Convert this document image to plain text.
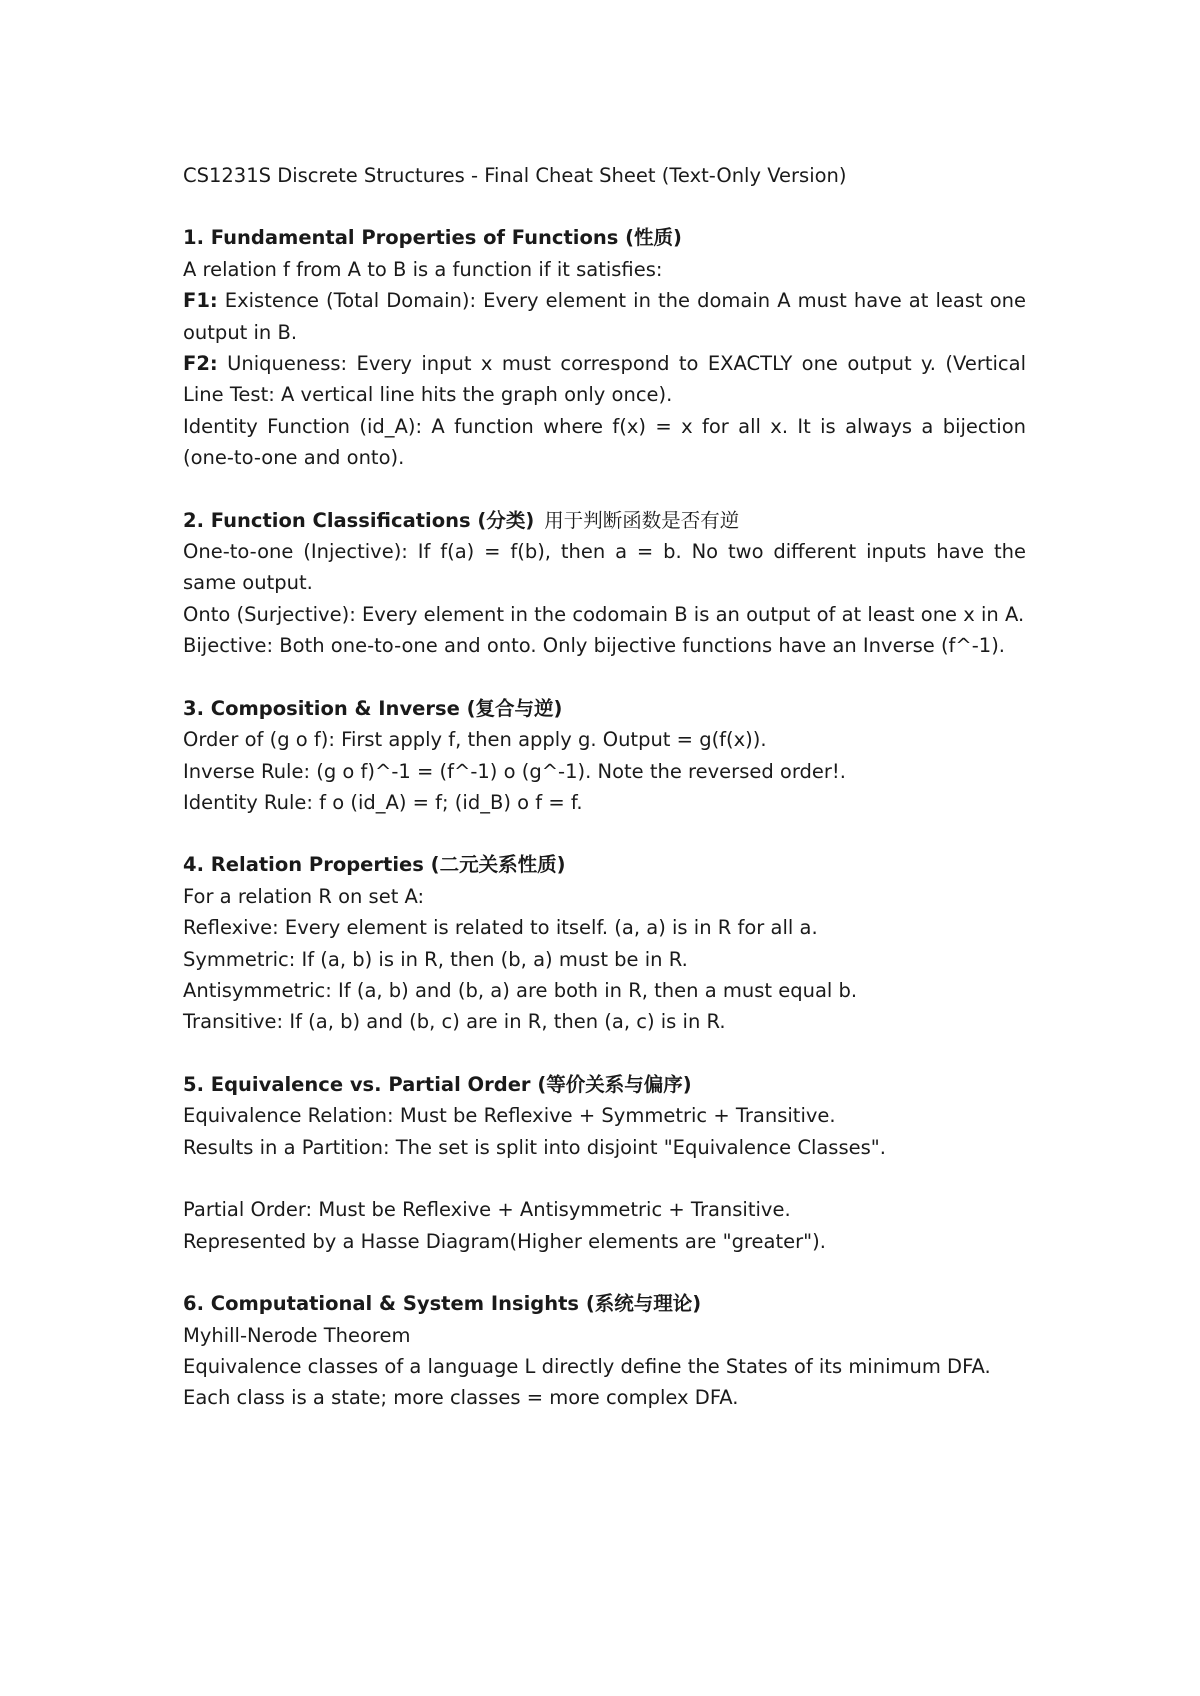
CS1231S Discrete Structures - Final Cheat Sheet (Text-Only Version)

1. Fundamental Properties of Functions (性质)

A relation f from A to B is a function if it satisfies:

F1: Existence (Total Domain): Every element in the domain A must have at least one output in B.

F2: Uniqueness: Every input x must correspond to EXACTLY one output y. (Vertical Line Test: A vertical line hits the graph only once).

Identity Function (id_A): A function where f(x) = x for all x. It is always a bijection (one-to-one and onto).

2. Function Classifications (分类) 用于判断函数是否有逆

One-to-one (Injective): If f(a) = f(b), then a = b. No two different inputs have the same output.

Onto (Surjective): Every element in the codomain B is an output of at least one x in A.

Bijective: Both one-to-one and onto. Only bijective functions have an Inverse (f^-1).

3. Composition & Inverse (复合与逆)

Order of (g o f): First apply f, then apply g. Output = g(f(x)).

Inverse Rule: (g o f)^-1 = (f^-1) o (g^-1). Note the reversed order!.

Identity Rule: f o (id_A) = f; (id_B) o f = f.

4. Relation Properties (二元关系性质)

For a relation R on set A:

Reflexive: Every element is related to itself. (a, a) is in R for all a.

Symmetric: If (a, b) is in R, then (b, a) must be in R.

Antisymmetric: If (a, b) and (b, a) are both in R, then a must equal b.

Transitive: If (a, b) and (b, c) are in R, then (a, c) is in R.

5. Equivalence vs. Partial Order (等价关系与偏序)

Equivalence Relation: Must be Reflexive + Symmetric + Transitive.

Results in a Partition: The set is split into disjoint "Equivalence Classes".

Partial Order: Must be Reflexive + Antisymmetric + Transitive.

Represented by a Hasse Diagram(Higher elements are "greater").

6. Computational & System Insights (系统与理论)

Myhill-Nerode Theorem

Equivalence classes of a language L directly define the States of its minimum DFA.

Each class is a state; more classes = more complex DFA.
